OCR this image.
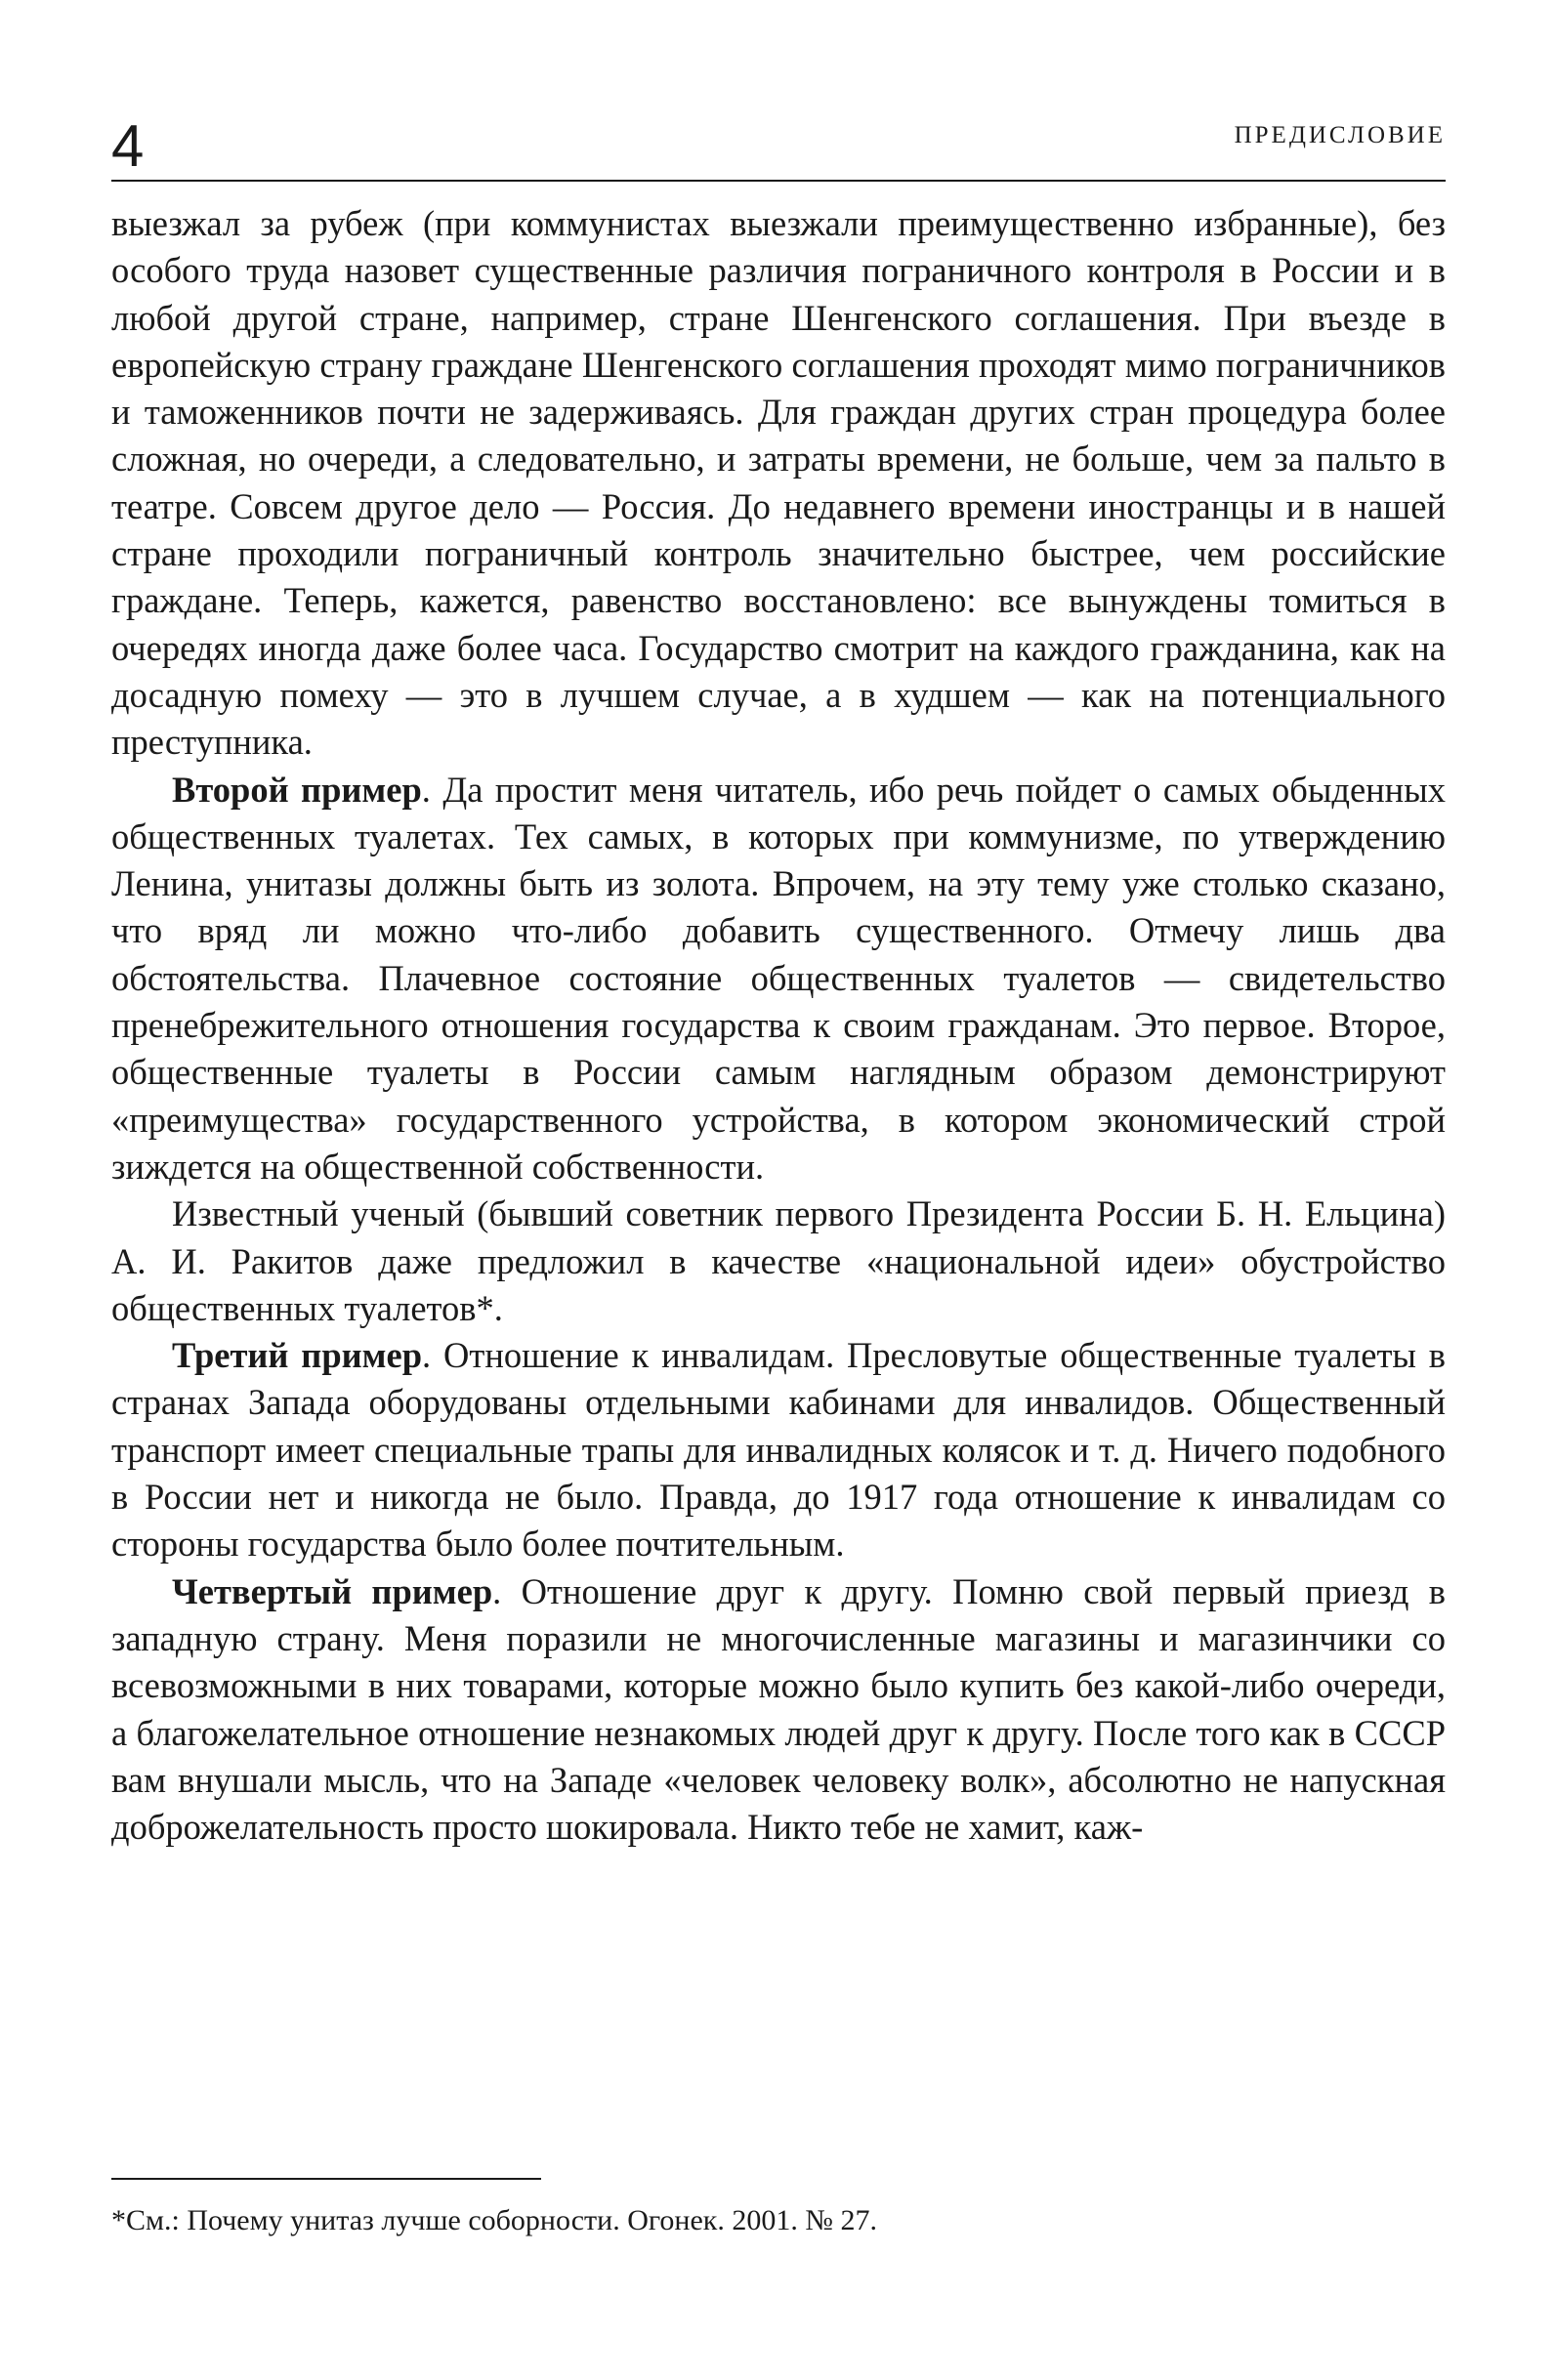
4	ПРЕДИСЛОВИЕ

выезжал за рубеж (при коммунистах выезжали преимущественно избранные), без особого труда назовет существенные различия пограничного контроля в России и в любой другой стране, например, стране Шенгенского соглашения. При въезде в европейскую страну граждане Шенгенского соглашения проходят мимо пограничников и таможенников почти не задерживаясь. Для граждан других стран процедура более сложная, но очереди, а следовательно, и затраты времени, не больше, чем за пальто в театре. Совсем другое дело — Россия. До недавнего времени иностранцы и в нашей стране проходили пограничный контроль значительно быстрее, чем российские граждане. Теперь, кажется, равенство восстановлено: все вынуждены томиться в очередях иногда даже более часа. Государство смотрит на каждого гражданина, как на досадную помеху — это в лучшем случае, а в худшем — как на потенциального преступника.

Второй пример. Да простит меня читатель, ибо речь пойдет о самых обыденных общественных туалетах. Тех самых, в которых при коммунизме, по утверждению Ленина, унитазы должны быть из золота. Впрочем, на эту тему уже столько сказано, что вряд ли можно что-либо добавить существенного. Отмечу лишь два обстоятельства. Плачевное состояние общественных туалетов — свидетельство пренебрежительного отношения государства к своим гражданам. Это первое. Второе, общественные туалеты в России самым наглядным образом демонстрируют «преимущества» государственного устройства, в котором экономический строй зиждется на общественной собственности.

Известный ученый (бывший советник первого Президента России Б. Н. Ельцина) А. И. Ракитов даже предложил в качестве «национальной идеи» обустройство общественных туалетов*.

Третий пример. Отношение к инвалидам. Пресловутые общественные туалеты в странах Запада оборудованы отдельными кабинами для инвалидов. Общественный транспорт имеет специальные трапы для инвалидных колясок и т. д. Ничего подобного в России нет и никогда не было. Правда, до 1917 года отношение к инвалидам со стороны государства было более почтительным.

Четвертый пример. Отношение друг к другу. Помню свой первый приезд в западную страну. Меня поразили не многочисленные магазины и магазинчики со всевозможными в них товарами, которые можно было купить без какой-либо очереди, а благожелательное отношение незнакомых людей друг к другу. После того как в СССР вам внушали мысль, что на Западе «человек человеку волк», абсолютно не напускная доброжелательность просто шокировала. Никто тебе не хамит, каж-

*См.: Почему унитаз лучше соборности. Огонек. 2001. № 27.
